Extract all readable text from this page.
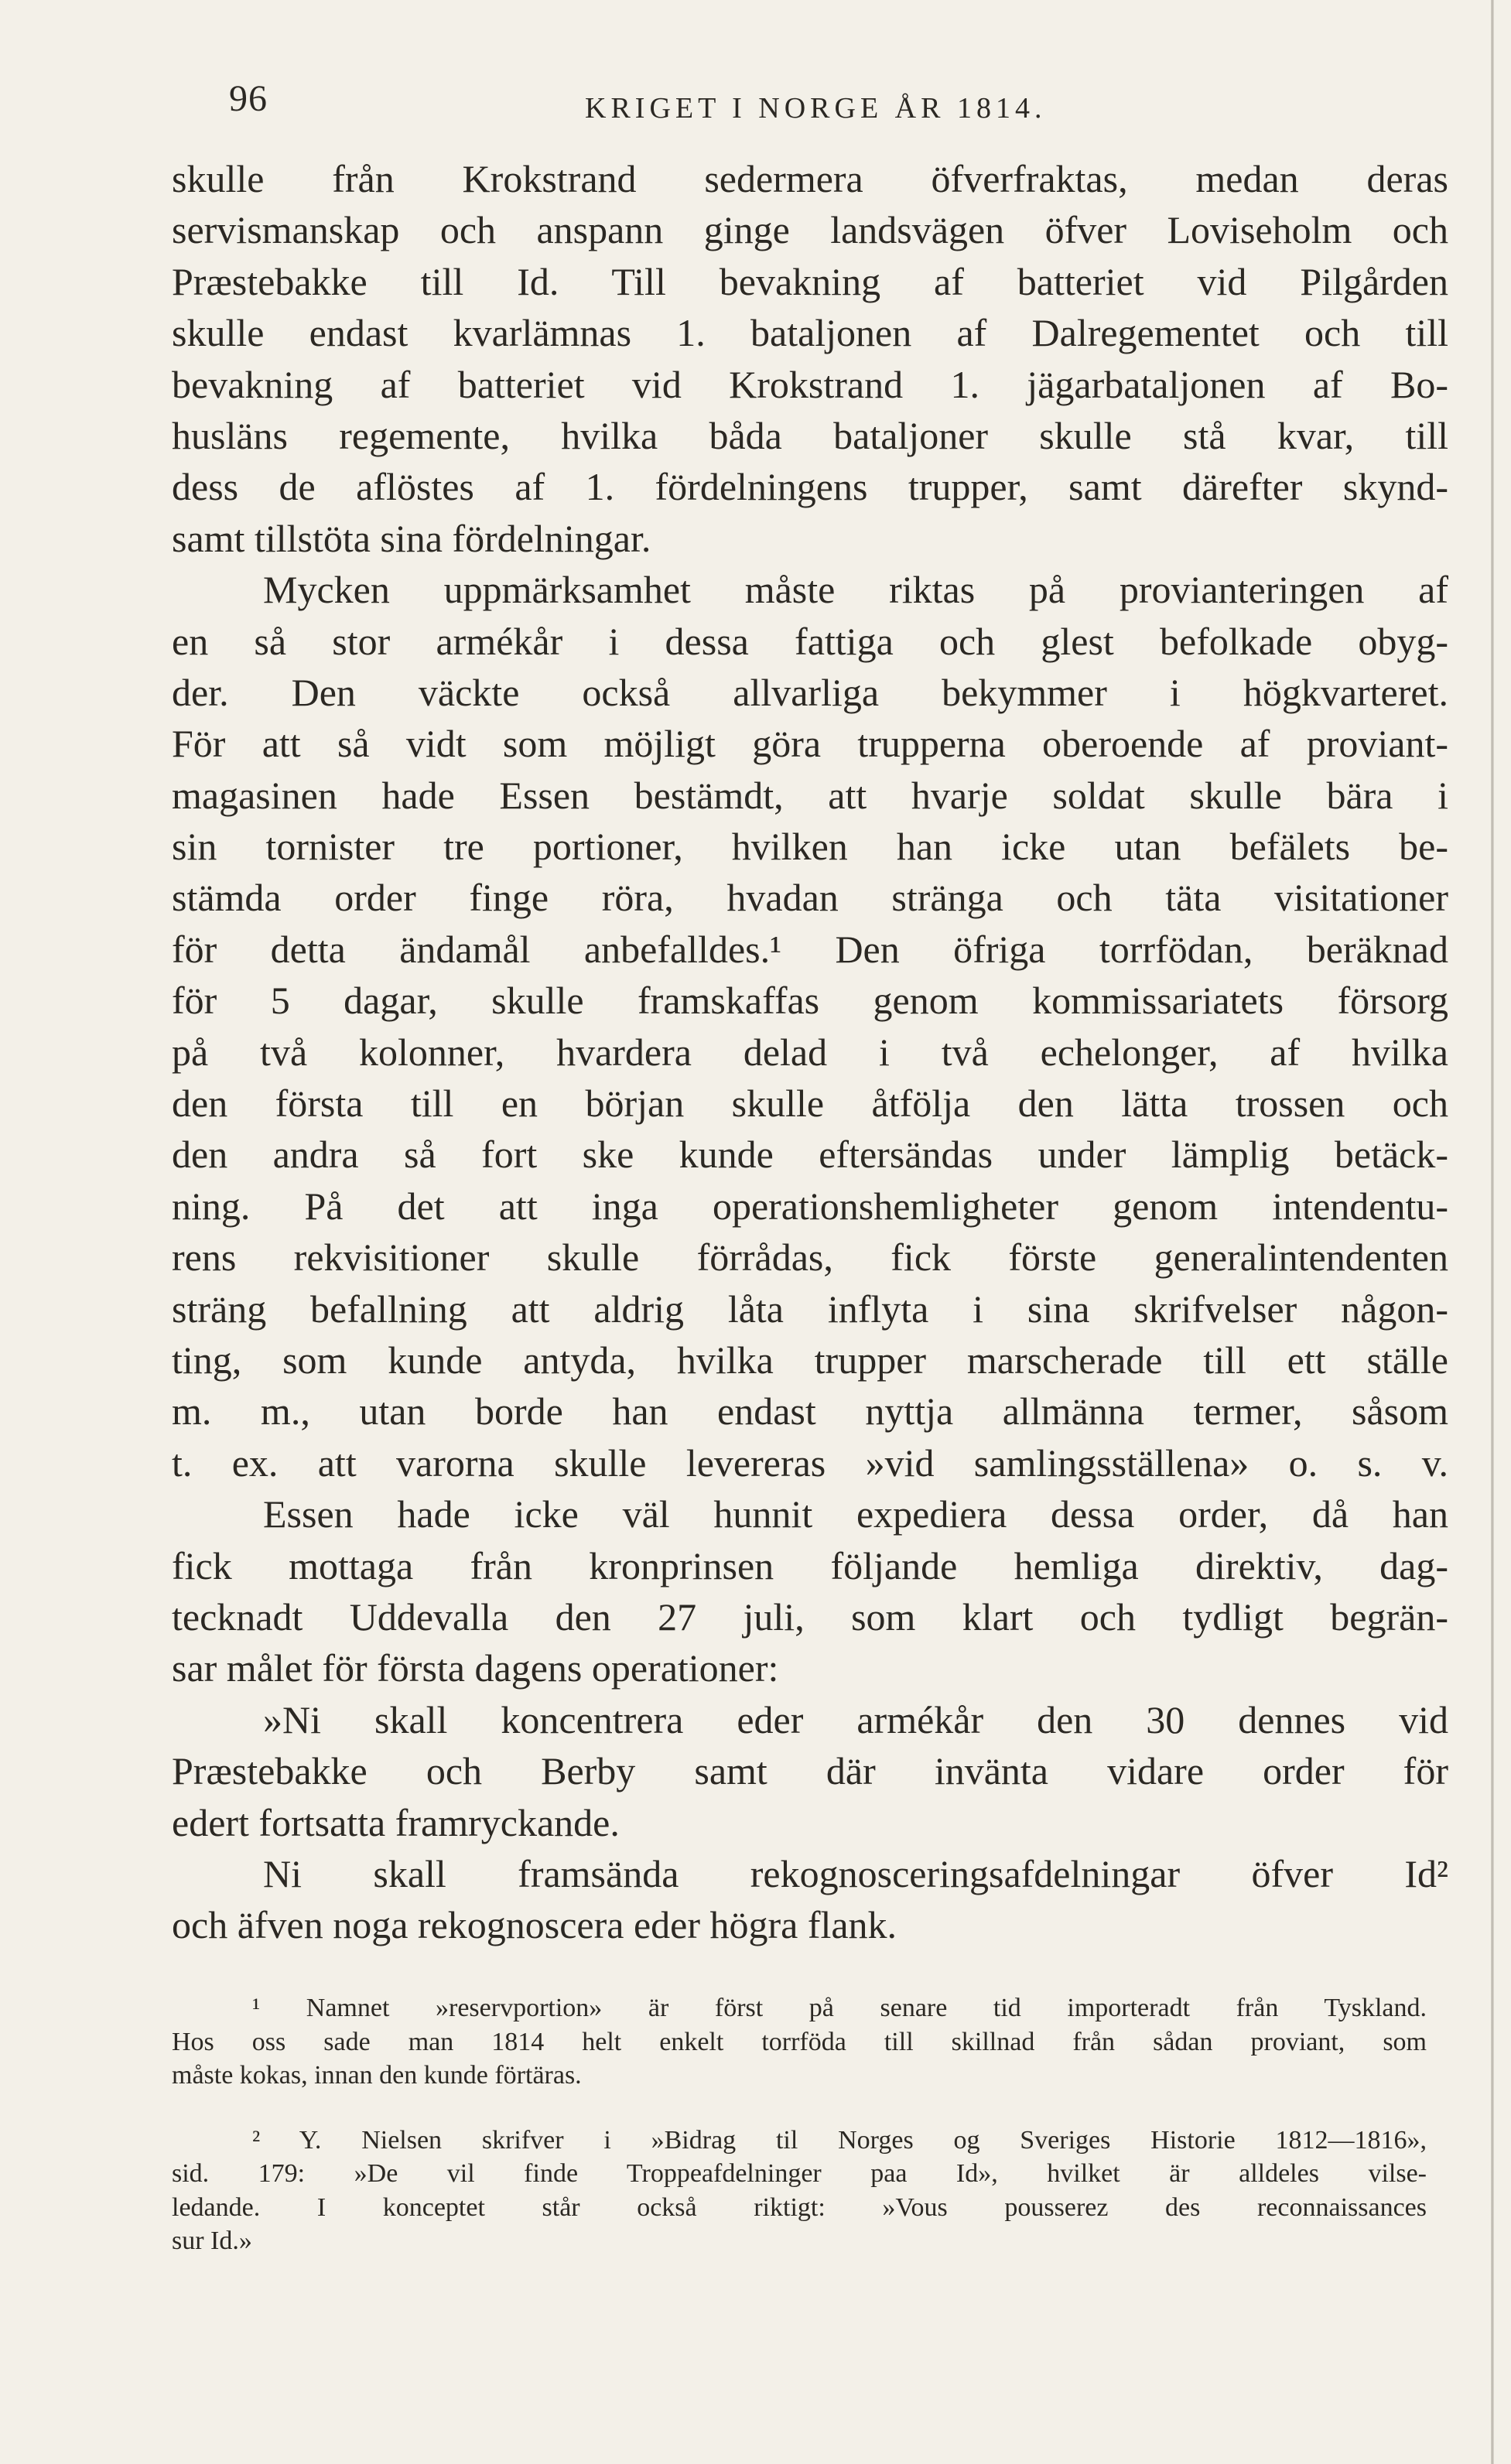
96	KRIGET I NORGE ÅR 1814.
skulle från Krokstrand sedermera öfverfraktas, medan deras
servismanskap och anspann ginge landsvägen öfver Loviseholm och
Præstebakke till Id. Till bevakning af batteriet vid Pilgården
skulle endast kvarlämnas 1. bataljonen af Dalregementet och till
bevakning af batteriet vid Krokstrand 1. jägarbataljonen af Bo-
husläns regemente, hvilka båda bataljoner skulle stå kvar, till
dess de aflöstes af 1. fördelningens trupper, samt därefter skynd-
samt tillstöta sina fördelningar.
Mycken uppmärksamhet måste riktas på provianteringen af
en så stor armékår i dessa fattiga och glest befolkade obyg-
der. Den väckte också allvarliga bekymmer i högkvarteret.
För att så vidt som möjligt göra trupperna oberoende af proviant-
magasinen hade Essen bestämdt, att hvarje soldat skulle bära i
sin tornister tre portioner, hvilken han icke utan befälets be-
stämda order finge röra, hvadan stränga och täta visitationer
för detta ändamål anbefalldes.¹ Den öfriga torrfödan, beräknad
för 5 dagar, skulle framskaffas genom kommissariatets försorg
på två kolonner, hvardera delad i två echelonger, af hvilka
den första till en början skulle åtfölja den lätta trossen och
den andra så fort ske kunde eftersändas under lämplig betäck-
ning. På det att inga operationshemligheter genom intendentu-
rens rekvisitioner skulle förrådas, fick förste generalintendenten
sträng befallning att aldrig låta inflyta i sina skrifvelser någon-
ting, som kunde antyda, hvilka trupper marscherade till ett ställe
m. m., utan borde han endast nyttja allmänna termer, såsom
t. ex. att varorna skulle levereras »vid samlingsställena» o. s. v.
Essen hade icke väl hunnit expediera dessa order, då han
fick mottaga från kronprinsen följande hemliga direktiv, dag-
tecknadt Uddevalla den 27 juli, som klart och tydligt begrän-
sar målet för första dagens operationer:
»Ni skall koncentrera eder armékår den 30 dennes vid
Præstebakke och Berby samt där invänta vidare order för
edert fortsatta framryckande.
Ni skall framsända rekognosceringsafdelningar öfver Id²
och äfven noga rekognoscera eder högra flank.
¹ Namnet »reservportion» är först på senare tid importeradt från Tyskland.
Hos oss sade man 1814 helt enkelt torrföda till skillnad från sådan proviant, som
måste kokas, innan den kunde förtäras.
² Y. Nielsen skrifver i »Bidrag til Norges og Sveriges Historie 1812—1816»,
sid. 179: »De vil finde Troppeafdelninger paa Id», hvilket är alldeles vilse-
ledande. I konceptet står också riktigt: »Vous pousserez des reconnaissances
sur Id.»
